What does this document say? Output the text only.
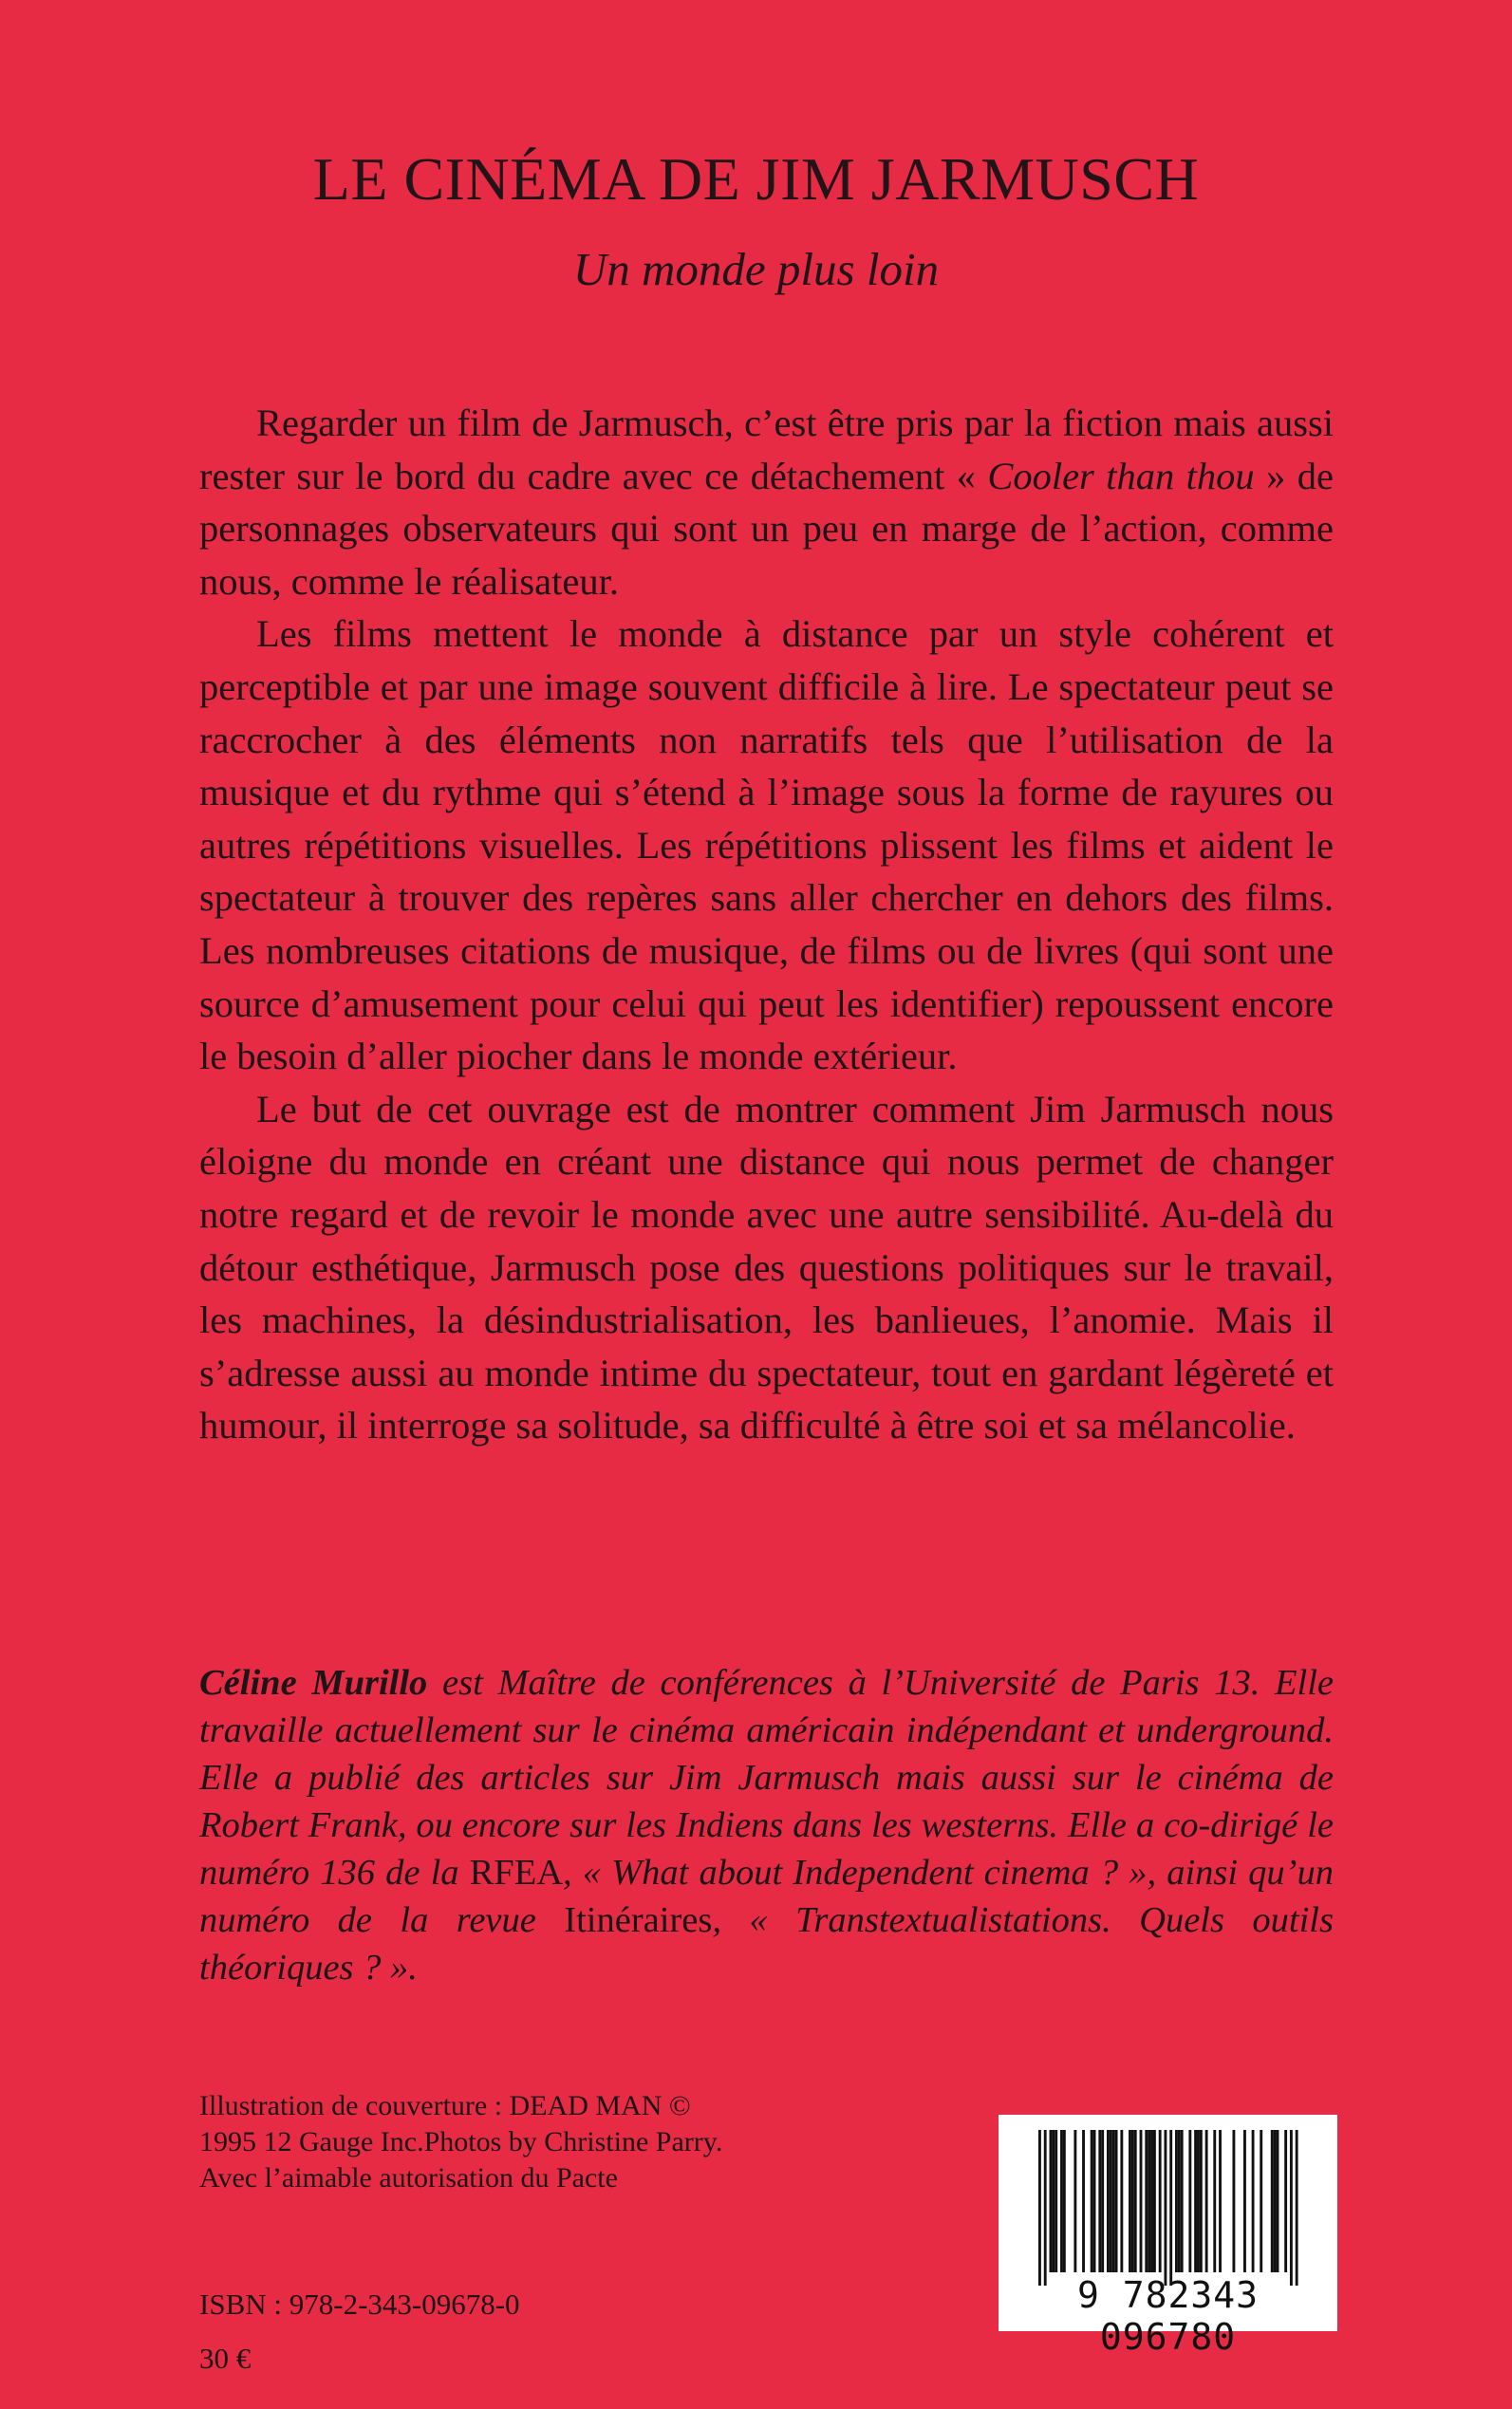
LE CINÉMA DE JIM JARMUSCH
Un monde plus loin

Regarder un film de Jarmusch, c’est être pris par la fiction mais aussi rester sur le bord du cadre avec ce détachement « Cooler than thou » de personnages observateurs qui sont un peu en marge de l’action, comme nous, comme le réalisateur.

Les films mettent le monde à distance par un style cohérent et perceptible et par une image souvent difficile à lire. Le spectateur peut se raccrocher à des éléments non narratifs tels que l’utilisation de la musique et du rythme qui s’étend à l’image sous la forme de rayures ou autres répétitions visuelles. Les répétitions plissent les films et aident le spectateur à trouver des repères sans aller chercher en dehors des films. Les nombreuses citations de musique, de films ou de livres (qui sont une source d’amusement pour celui qui peut les identifier) repoussent encore le besoin d’aller piocher dans le monde extérieur.

Le but de cet ouvrage est de montrer comment Jim Jarmusch nous éloigne du monde en créant une distance qui nous permet de changer notre regard et de revoir le monde avec une autre sensibilité. Au-delà du détour esthétique, Jarmusch pose des questions politiques sur le travail, les machines, la désindustrialisation, les banlieues, l’anomie. Mais il s’adresse aussi au monde intime du spectateur, tout en gardant légèreté et humour, il interroge sa solitude, sa difficulté à être soi et sa mélancolie.

Céline Murillo est Maître de conférences à l’Université de Paris 13. Elle travaille actuellement sur le cinéma américain indépendant et underground. Elle a publié des articles sur Jim Jarmusch mais aussi sur le cinéma de Robert Frank, ou encore sur les Indiens dans les westerns. Elle a co-dirigé le numéro 136 de la RFEA, « What about Independent cinema ? », ainsi qu’un numéro de la revue Itinéraires, « Transtextualistations. Quels outils théoriques ? ».
Illustration de couverture : DEAD MAN ©
1995 12 Gauge Inc.Photos by Christine Parry.
Avec l’aimable autorisation du Pacte
ISBN : 978-2-343-09678-0
30 €
9 782343 096780
